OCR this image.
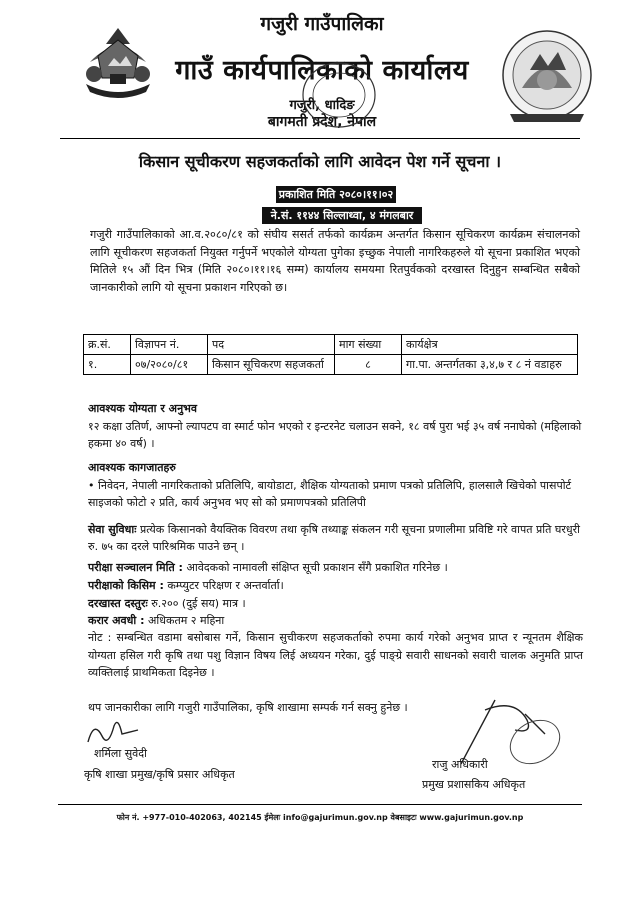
गजुरी गाउँपालिका
गाउँ कार्यपालिकाको कार्यालय
गजुरी, धादिङ
बागमती प्रदेश, नेपाल
किसान सूचीकरण सहजकर्ताको लागि आवेदन पेश गर्ने सूचना ।
प्रकाशित मिति २०८०।११।०२
ने.सं. ११४४ सिल्लाथ्वा, ४ मंगलबार
गजुरी गाउँपालिकाको आ.व.२०८०/८१ को संघीय ससर्त तर्फको कार्यक्रम अन्तर्गत किसान सूचिकरण कार्यक्रम संचालनको लागि सूचीकरण सहजकर्ता नियुक्त गर्नुपर्ने भएकोले योग्यता पुगेका इच्छुक नेपाली नागरिकहरुले यो सूचना प्रकाशित भएको मितिले १५ औं दिन भित्र (मिति २०८०।११।१६ सम्म) कार्यालय समयमा रितपुर्वकको दरखास्त दिनुहुन सम्बन्धित सबैको जानकारीको लागि यो सूचना प्रकाशन गरिएको छ।
क्र.सं.	विज्ञापन नं.	पद	माग संख्या	कार्यक्षेत्र
१.	०७/२०८०/८१	किसान सूचिकरण सहजकर्ता	८	गा.पा. अन्तर्गतका ३,४,७ र ८ नं वडाहरु
आवश्यक योग्यता र अनुभव
१२ कक्षा उतिर्ण, आफ्नो ल्यापटप वा स्मार्ट फोन भएको र इन्टरनेट चलाउन सक्ने, १८ वर्ष पुरा भई ३५ वर्ष ननाघेको (महिलाको हकमा ४० वर्ष) ।
आवश्यक कागजातहरु
• निवेदन, नेपाली नागरिकताको प्रतिलिपि, बायोडाटा, शैक्षिक योग्यताको प्रमाण पत्रको प्रतिलिपि, हालसालै खिचेको पासपोर्ट साइजको फोटो २ प्रति, कार्य अनुभव भए सो को प्रमाणपत्रको प्रतिलिपी
सेवा सुविधाः प्रत्येक किसानको वैयक्तिक विवरण तथा कृषि तथ्याङ्क संकलन गरी सूचना प्रणालीमा प्रविष्टि गरे वापत प्रति घरधुरी रु. ७५ का दरले पारिश्रमिक पाउने छन् ।
परीक्षा सञ्चालन मिति : आवेदकको नामावली संक्षिप्त सूची प्रकाशन सँगै प्रकाशित गरिनेछ ।
परीक्षाको किसिम : कम्प्युटर परिक्षण र अन्तर्वार्ता।
दरखास्त दस्तुरः रु.२०० (दुई सय) मात्र ।
करार अवधी : अधिकतम २ महिना
नोट : सम्बन्धित वडामा बसोबास गर्ने, किसान सुचीकरण सहजकर्ताको रुपमा कार्य गरेको अनुभव प्राप्त र न्यूनतम शैक्षिक योग्यता हसिल गरी कृषि तथा पशु विज्ञान विषय लिई अध्ययन गरेका, दुई पाङ्ग्रे सवारी साधनको सवारी चालक अनुमति प्राप्त व्यक्तिलाई प्राथमिकता दिइनेछ ।
थप जानकारीका लागि गजुरी गाउँपालिका, कृषि शाखामा सम्पर्क गर्न सक्नु हुनेछ ।
शर्मिला सुवेदी
कृषि शाखा प्रमुख/कृषि प्रसार अधिकृत
राजु अधिकारी
प्रमुख प्रशासकिय अधिकृत
फोन नं. +977-010-402063, 402145 ईमेलः info@gajurimun.gov.np वेबसाइटः www.gajurimun.gov.np
